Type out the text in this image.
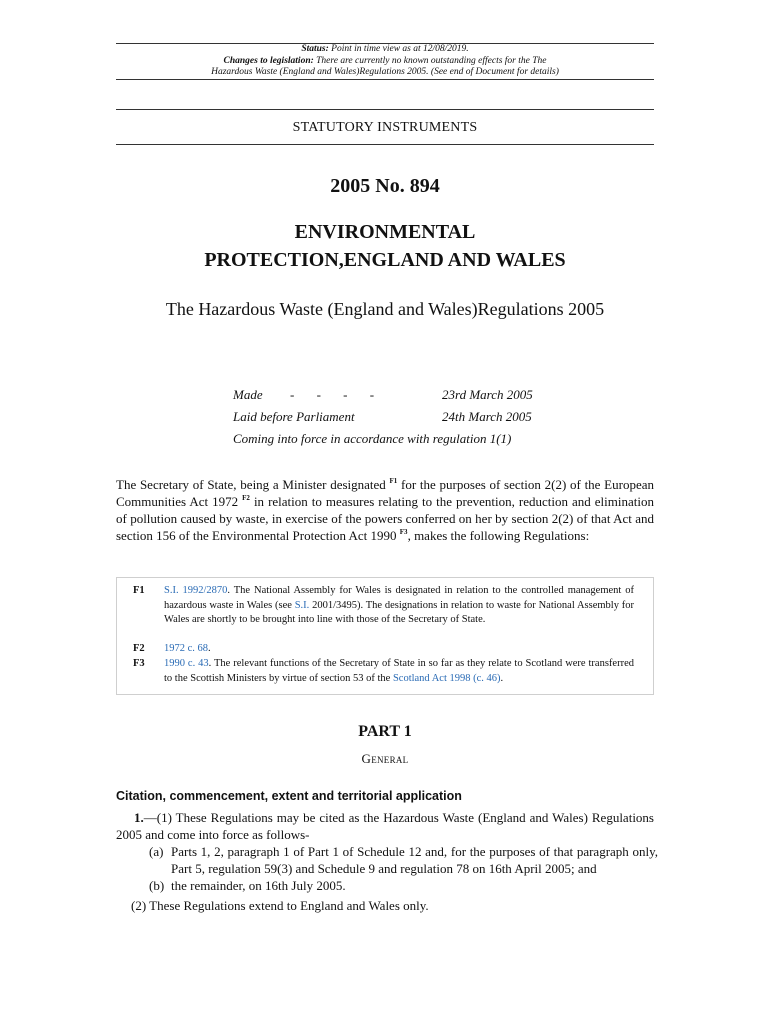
Status: Point in time view as at 12/08/2019.
Changes to legislation: There are currently no known outstanding effects for the The
Hazardous Waste (England and Wales)Regulations 2005. (See end of Document for details)
STATUTORY INSTRUMENTS
2005 No. 894
ENVIRONMENTAL
PROTECTION,ENGLAND AND WALES
The Hazardous Waste (England and Wales)Regulations 2005
Made -     -     -     -	23rd March 2005
Laid before Parliament	24th March 2005
Coming into force in accordance with regulation 1(1)
The Secretary of State, being a Minister designated $^{F1}$ for the purposes of section 2(2) of the European Communities Act 1972 $^{F2}$ in relation to measures relating to the prevention, reduction and elimination of pollution caused by waste, in exercise of the powers conferred on her by section 2(2) of that Act and section 156 of the Environmental Protection Act 1990 $^{F3}$, makes the following Regulations:
F1 S.I. 1992/2870. The National Assembly for Wales is designated in relation to the controlled management of hazardous waste in Wales (see S.I. 2001/3495). The designations in relation to waste for National Assembly for Wales are shortly to be brought into line with those of the Secretary of State.
F2 1972 c. 68.
F3 1990 c. 43. The relevant functions of the Secretary of State in so far as they relate to Scotland were transferred to the Scottish Ministers by virtue of section 53 of the Scotland Act 1998 (c. 46).
PART 1
General
Citation, commencement, extent and territorial application
1.—(1) These Regulations may be cited as the Hazardous Waste (England and Wales) Regulations 2005 and come into force as follows-
(a) Parts 1, 2, paragraph 1 of Part 1 of Schedule 12 and, for the purposes of that paragraph only, Part 5, regulation 59(3) and Schedule 9 and regulation 78 on 16th April 2005; and
(b) the remainder, on 16th July 2005.
(2) These Regulations extend to England and Wales only.
